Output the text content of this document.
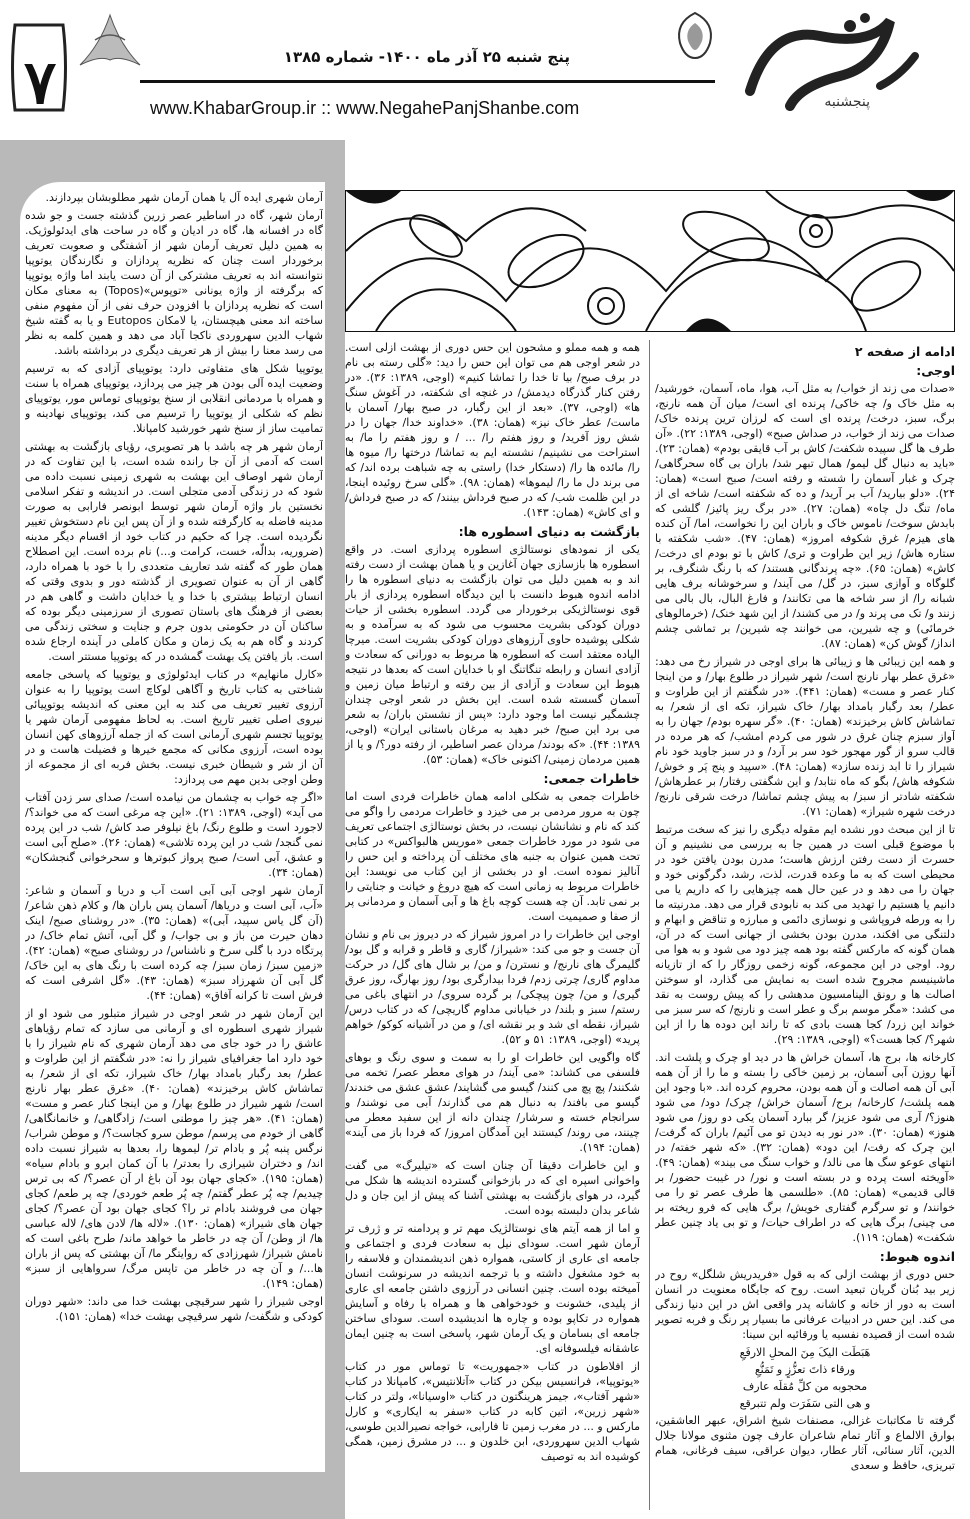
پنجشنبه
پنج شنبه ۲۵ آذر ماه ۱۴۰۰- شماره ۱۳۸۵
www.KhabarGroup.ir :: www.NegahePanjShanbe.com
۷
ادامه از صفحه ۲
اوجی:

«صدات می زند از خواب/ به مثل آب، هوا، ماه، آسمان، خورشید/ به مثل خاک و/ چه خاکی/ پرنده ای است/ میان آن همه نارنج، برگ، سبز، درخت/ پرنده ای است که لرزان ترین پرنده خاک/ صدات می زند از خواب، در صداش صبح» (اوجی، ۱۳۸۹: ۲۲). «آن طرف ها گل سپیده شکفت/ کاش بر آب قایقی بودم» (همان: ۲۳). «باید به دنبال گل لیمو/ همال تبهر شد/ باران بی گاه سحرگاهی/ چرک و غبار آسمان را شسته و رفته است/ صبح است» (همان: ۲۴). «دلو بیارید/ آب بر آرید/ و ده که شکفته است/ شاخه ای از ماه/ تنگ دل چاه» (همان: ۲۷). «در برگ ریز پائیز/ گلشی که بابدش سوخت/ ناموس خاک و باران این را نخواست، اما/ آن کنده های هیزم/ غرق شکوفه امروز» (همان: ۴۷). «شب شکفته با ستاره هاش/ زیر این طراوت و تری/ کاش با تو بودم ای درخت/ کاش» (همان: ۶۵). «چه پرندگانی هستند/ که با رنگ شنگرف، بر گلوگاه و آوازی سبز، در گل/ می آیند/ و سرخوشانه برف هایی شبانه را/ از سر شاخه ها می تکانند/ و فارغ البال، بال بالی می زنند و/ تک می پرند و/ در می کشند/ از این شهد خنک/ (خرمالوهای خرمائی) و چه شیرین، می خوانند چه شیرین/ بر تماشی چشم انداز/ گوش کن» (همان: ۸۷).

و همه این زیبائی ها و زیبائی ها برای اوجی در شیراز رخ می دهد: «غرق عطر بهار نارنج است/ شهر شیراز در طلوع بهار/ و من اینجا کنار عصر و مست» (همان: ۴۴۱). «در شگفتم از این طراوت و عطر/ بعد رگبار بامداد بهار/ خاک شیراز، تکه ای از شعر/ به تماشاش کاش برخیزند» (همان: ۴۰). «گر سهره بودم/ جهان را به آواز سبزم چنان غرق در شور می کردم امشب/ که هر مرده در قالب سرو از گور مهجور خود سر بر آرد/ و در سبز جاوید خود نام شیراز را تا ابد زنده سازد» (همان: ۴۸). «سپید و پنج پَر و خوش/ شکوفه هاش/ بگو که ماه نتابد/ و این شگفتی رفتار/ بر عطرهاش/ شکفته شادتر از سبز/ به پیش چشم تماشا/ درخت شرقی نارنج/ درخت شهره شیراز» (همان: ۷۱).

تا از این مبحث دور نشده ایم مقوله دیگری را نیز که سخت مرتبط با موضوع قبلی است در همین جا به بررسی می نشینیم و آن حسرت از دست رفتن ارزش هاست؛ مدرن بودن یافتن خود در محیطی است که به ما وعده قدرت، لذت، رشد، دگرگونی خود و جهان را می دهد و در عین حال همه چیزهایی را که داریم یا می دانیم یا هستیم را تهدید می کند به نابودی قرار می دهد. مدرنیته ما را به ورطه فروپاشی و نوسازی دائمی و مبارزه و تناقض و ابهام و دلتنگی می افکند، مدرن بودن بخشی از جهانی است که در آن، همان گونه که مارکس گفته بود همه چیز دود می شود و به هوا می رود. اوجی در این مجموعه، گونه زخمی روزگار را که از تازیانه ماشینیسم مجروح شده است به نمایش می گذارد، او سوختن اصالت ها و رونق الینامسیون مدهشی را که پیش روست به نقد می کشد: «مگر موسم برگ و عطر است و نارنج/ که سر سبز می خواند این زرد/ کجا هست بادی که تا راند این دوده ها را از این شهر؟/ کجا هست؟» (اوجی، ۱۳۸۹: ۲۹).

کارخانه ها، برج ها، آسمان خراش ها در دید او چرک و پلشت اند. آنها روزن آبی آسمان، بر زمین خاکی را بسته و ما را از آن همه آبی آن همه اصالت و آن همه بودن، محروم کرده اند. «با وجود این همه پلشت/ کارخانه/ برج/ آسمان خراش/ چرک/ دود/ می شود هنوز؟/ آری می شود عزیز/ گر ببارد آسمان یکی دو روز/ می شود هنوز» (همان: ۳۰). «در نور به دیدن تو می آئیم/ باران که گرفت/ این چرک که رفت/ این دود» (همان: ۳۲). «که شهر خفته/ در انتهای عوعو سگ ها می نالد/ و خواب سنگ می بیند» (همان: ۴۹). «آویخته است پرده و در بسته است و نور/ در غیبت حضور/ بر قالی قدیمی» (همان: ۸۵). «طلسمی ها طرف عصر تو را می خوانند/ و تو سرگرم گفتاری خویش/ برگ هایی که فرو ریخته بر می چینی/ برگ هایی که در اطراف حیات/ و تو بی یاد چنین عطر شکفت» (همان: ۱۱۹).

اندوه هبوط:

حس دوری از بهشت ازلی که به قول «فریدریش شلگل» روح در زیر بید بُنان گریان تبعید است. روح که جایگاه معنویت در انسان است به دور از خانه و کاشانه پدر واقعی اش در این دنیا زندگی می کند. این حس در ادبیات عرفانی ما بسیار پر رنگ و فربه تصویر شده است از قصیده نفسیه یا ورقائیه ابن سینا:

هَبَطَت الیکَ مِنَ المحلِ الارفَعِ

ورقاء ذاتَ تعزُّزٍ و تَمَنُّعِ

محجوبه من کلِّ مُقلَه عارف

و هی التی سَفَرَت ولم تتبرقع

گرفته تا مکاتبات غزالی، مصنفات شیخ اشراق، عبهر العاشقین، بوارق الالماع و آثار تمام شاعران عارف چون مثنوی مولانا جلال الدین، آثار سنائی، آثار عطار، دیوان عراقی، سیف فرغانی، همام تبریزی، حافظ و سعدی

همه و همه مملو و مشحون این حس دوری از بهشت ازلی است. در شعر اوجی هم می توان این حس را دید: «گلی رسته بی نام در برف صبح/ بیا تا خدا را تماشا کنیم» (اوجی، ۱۳۸۹: ۳۶). «در رفتن کنار گذرگاه دیدمش/ در غنچه ای شکفته، در آغوش سنگ ها» (اوجی، ۳۷). «بعد از این رگبار، در صبح بهار/ آسمان با ماست/ عطر خاک نیز» (همان: ۳۸). «خداوند خدا/ جهان را در شش روز آفرید/ و روز هفتم را/ ... / و روز هفتم را ما/ به استراحت می نشینیم/ نشسته ایم به تماشا/ درختها را/ میوه ها را/ مائده ها را/ (دستکار خدا) راستی به چه شباهت برده اند/ که می برند دل ما را/ لیموها» (همان: ۹۸). «گلی سرخ روئیده اینجا، در این ظلمت شب/ که در صبح فرداش بینند/ که در صبح فرداش/ و ای کاش» (همان: ۱۴۳).

بازگشت به دنیای اسطوره ها:

یکی از نمودهای نوستالژی اسطوره پردازی است. در واقع اسطوره ها بازسازی جهان آغازین و یا همان بهشت از دست رفته اند و به همین دلیل می توان بازگشت به دنیای اسطوره ها را ادامه اندوه هبوط دانست با این دیدگاه اسطوره پردازی از بار قوی نوستالژیکی برخوردار می گردد. اسطوره بخشی از حیات دوران کودکی بشریت محسوب می شود که به سرآمده و به شکلی پوشیده حاوی آرزوهای دوران کودکی بشریت است. میرچا الیاده معتقد است که اسطوره ها مربوط به دورانی که سعادت و آزادی انسان و رابطه تنگاتنگ او با خدایان است که بعدها در نتیجه هبوط این سعادت و آزادی از بین رفته و ارتباط میان زمین و آسمان گسسته شده است. این بخش در شعر اوجی چندان چشمگیر نیست اما وجود دارد: «پس از نشستن باران/ به شعر می برد این صبح/ خبر دهید به مرغان باستانی ایران» (اوجی، ۱۳۸۹: ۴۴). «که بودند/ مردان عصر اساطیر، از رفته دور؟/ و یا از همین مردمان زمینی/ اکنونی خاک» (همان: ۵۳).

خاطرات جمعی:

خاطرات جمعی به شکلی ادامه همان خاطرات فردی است اما چون به مرور مردمی بر می خیزد و خاطرات مردمی را واگو می کند که نام و نشانشان نیست، در بخش نوستالژی اجتماعی تعریف می شود در مورد خاطرات جمعی «موریس هالبواکس» در کتابی تحت همین عنوان به جنبه های مختلف آن پرداخته و این حس را آنالیز نموده است. او در بخشی از این کتاب می نویسد: این خاطرات مربوط به زمانی است که هیچ دروغ و خیانت و جنایتی را بر نمی تابد. آن چه هست کوچه باغ ها و آبی آسمان و مردمانی پر از صفا و صمیمیت است.

اوجی این خاطرات را در امروز شیراز که در دیروز بی نام و نشان آن جست و جو می کند: «شیراز/ گاری و قاطر و قرابه و گل بود/ گلیمرگ های نارنج/ و نسترن/ و من/ بر شال های گل/ در حرکت مداوم گاری/ چرتی زدم/ فردا بیدارگری بود/ روز بهارگ، روز عرق گیری/ و من/ چون پیچکی/ بر گرده سروی/ در انتهای باغی می رستم/ سبز و بلند/ در خیابانی مداوم گاریچی/ که در کتاب درس/ شیراز، نقطه ای شد و بر نقشه ای/ و من در آشیانه کوکو/ خواهم پرید» (اوجی، ۱۳۸۹: ۵۱ و ۵۲).

گاه واگویی این خاطرات او را به سمت و سوی رنگ و بوهای فلسفی می کشاند: «می آیند/ در هوای معطر عصر/ تخمه می شکنند/ پچ پچ می کنند/ گیسو می گشایند/ عشق عشق می خندند/ گیسو می بافند/ به دنبال هم می گذارند/ آبی می نوشند/ و سرانجام خسته و سرشار/ چندان دانه از این سفید معطر می چینند، می روند/ کیستند این آمدگان امروز/ که فردا باز می آیند» (همان: ۱۹۴).

و این خاطرات دقیقا آن چنان است که «تیلیرگ» می گفت واخوانی اسپره ای که در بازخوانی گسترده اندیشه ها شکل می گیرد، در هوای بازگشت به بهشتی آشنا که پیش از این جان و دل شاعر بدان دلبسته بوده است.

و اما از همه آیتم های نوستالژیک مهم تر و پردامنه تر و ژرف تر آرمان شهر است. سودای نیل به سعادت فردی و اجتماعی و جامعه ای عاری از کاستی، همواره ذهن اندیشمندان و فلاسفه را به خود مشغول داشته و با ترجمه اندیشه در سرنوشت انسان آمیخته بوده است. چنین انسانی در آرزوی داشتن جامعه ای عاری از پلیدی، خشونت و خودخواهی ها و همراه با رفاه و آسایش همواره در تکاپو بوده و چاره ها اندیشیده است. سودای ساختن جامعه ای بسامان و یک آرمان شهر، پاسخی است به چنین ایمان عاشقانه فیلسوفانه ای.

از افلاطون در کتاب «جمهوریت» تا توماس مور در کتاب «یوتوپیا»، فرانسیس بیکن در کتاب «آتلانتیس»، کامپانلا در کتاب «شهر آفتاب»، جیمز هرینگتون در کتاب «اوسیانا»، ولتر در کتاب «شهر زرین»، اتین کابه در کتاب «سفر به ایکاری» و کارل مارکس و ... در مغرب زمین تا فارابی، خواجه نصیرالدین طوسی، شهاب الدین سهروردی، ابن خلدون و ... در مشرق زمین، همگی کوشیده اند به توصیف

آرمان شهری ایده آل یا همان آرمان شهر مطلوبشان بپردازند.

آرمان شهر، گاه در اساطیر عصر زرین گذشته جست و جو شده گاه در افسانه ها، گاه در ادیان و گاه در ساحت های ایدئولوژیک. به همین دلیل تعریف آرمان شهر از آشفتگی و صعوبت تعریف برخوردار است چنان که نظریه پردازان و نگارندگان یوتوپیا نتوانسته اند به تعریف مشترکی از آن دست یابند اما واژه یوتوپیا که برگرفته از واژه یونانی «توپوس»(Topos) به معنای مکان است که نظریه پردازان با افزودن حرف نفی از آن مفهوم منفی ساخته اند معنی هیچستان، یا لامکان Eutopos و یا به گفته شیخ شهاب الدین سهروردی ناکجا آباد می دهد و همین کلمه به نظر می رسد معنا را بیش از هر تعریف دیگری در برداشته باشد.

یوتوپیا شکل های متفاوتی دارد: یوتوپیای آزادی که به ترسیم وضعیت ایده آلی بودن هر چیز می پردازد، یوتوپیای همراه با سنت و همراه با مردمانی انقلابی از سنخ یوتوپیای توماس مور، یوتوپیای نظم که شکلی از یوتوپیا را ترسیم می کند، یوتوپیای نهادینه و تمامیت ساز از سنخ شهر خورشید کامپانلا.

آرمان شهر هر چه باشد با هر تصویری، رؤیای بازگشت به بهشتی است که آدمی از آن جا رانده شده است، با این تفاوت که در آرمان شهر اوصاف این بهشت به شهری زمینی نسبت داده می شود که در زندگی آدمی متجلی است. در اندیشه و تفکر اسلامی نخستین بار واژه آرمان شهر توسط ابونصر فارابی به صورت مدینه فاضله به کارگرفته شده و از آن پس این نام دستخوش تغییر نگردیده است. چرا که حکیم در کتاب خود از اقسام دیگر مدینه (ضروریه، بدالّه، خست، کرامت و...) نام برده است. این اصطلاح همان طور که گفته شد تعاریف متعددی را با خود با همراه دارد، گاهی از آن به عنوان تصویری از گذشته دور و بدوی وقتی که انسان ارتباط بیشتری با خدا و یا خدایان داشت و گاهی هم در بعضی از فرهنگ های باستان تصوری از سرزمینی دیگر بوده که ساکنان آن در حکومتی بدون جرم و جنایت و سختی زندگی می کردند و گاه هم به یک زمان و مکان کاملی در آینده ارجاع شده است. باز یافتن یک بهشت گمشده در که یوتوپیا مستتر است.

«کارل مانهایم» در کتاب ایدئولوژی و یوتوپیا که پاسخی جامعه شناختی به کتاب تاریخ و آگاهی لوکاچ است یوتوپیا را به عنوان آرزوی تغییر تعریف می کند به این معنی که اندیشه یوتوپیائی نیروی اصلی تغییر تاریخ است. به لحاظ مفهومی آرمان شهر یا یوتوپیا تجسم شهری آرمانی است که از جمله آرزوهای کهن انسان بوده است، آرزوی مکانی که مجمع خیرها و فضیلت هاست و در آن از شر و شیطان خبری نیست. بخش فربه ای از مجموعه از وطن اوجی بدین مهم می پردازد:

«اگر چه خواب به چشمان من نیامده است/ صدای سر زدن آفتاب می آید» (اوجی، ۱۳۸۹: ۲۱). «این چه مرغی است که می خواند؟/ لاجورد است و طلوع رنگ/ باغ نیلوفر صد کاش/ شب در این پرده نمی گنجد/ شب در این پرده تلاشی» (همان: ۲۶). «صلح آبی است و عشق، آبی است/ صبح پرواز کبوترها و سحرخوانی گنجشکان» (همان: ۳۴).

آرمان شهر اوجی آبی آبی است آب و دریا و آسمان و شاعر: «آب، آبی است و دریاها/ آسمان پس باران ها/ و کلام ذهن شاعر/ (آن گل یاس سپید، آبی)» (همان: ۳۵). «در روشنای صبح/ اینک دهان حیرت من باز و بی جواب/ و گل آبی، آتش تمام خاک/ در پرتگاه درد با گلی سرخ و ناشناس/ در روشنای صبح» (همان: ۴۲). «زمین سبز/ زمان سبز/ چه کرده است با رنگ های به این خاک/ گل آبی آن شهرزاد سبز» (همان: ۴۳). «گل اشرفی است که فرش است تا کرانه آفاق» (همان: ۴۴).

این آرمان شهر در شعر اوجی در شیراز متبلور می شود او از شیراز شهری اسطوره ای و آرمانی می سازد که تمام رؤیاهای عاشق را در خود جای می دهد آرمان شهری که نام شیراز را با خود دارد اما جغرافیای شیراز را نه: «در شگفتم از این طراوت و عطر/ بعد رگبار بامداد بهار/ خاک شیراز، تکه ای از شعر/ به تماشاش کاش برخیزند» (همان: ۴۰). «غرق عطر بهار نارنج است/ شهر شیراز در طلوع بهار/ و من اینجا کنار عصر و مست» (همان: ۴۱). «هر چیز را موطنی است/ زادگاهی/ و خانمانگاهی/ گاهی از خودم می پرسم/ موطن سرو کجاست؟/ و موطن شراب/ نرگس پنبه پُر و بادام تر/ لیموها را، بعدها به شیراز نسبت داده اند/ و دختران شیرازی را بعدتر/ با آن کمان ابرو و بادام سیاه» (همان: ۱۹۵). «کجای جهان بود آن باغ ار آن عصر؟/ که بی ترس چیدیم/ چه پُر عطر گفتم/ چه پُر طعم خوردی/ چه پر طعم/ کجای جهان می فروشند بادام تر را؟ کجای جهان بود آن عصر؟/ کجای جهان های شیراز» (همان: ۱۳۰). «لاله ها/ لادن های/ لاله عباسی ها/ از وطن/ آن چه در خاطر ما خواهد ماند/ طرح باغی است که نامش شیراز/ شهرزادی که روایتگر ما/ آن بهشتی که پس از باران ها.../ و آن چه در خاطر من تاپس مرگ/ سرواهایی از سبز» (همان: ۱۴۹).

اوجی شیراز را شهر سرقیچی بهشت خدا می داند: «شهر دوران کودکی و شگفت/ شهر سرقیچی بهشت خدا» (همان: ۱۵۱).
